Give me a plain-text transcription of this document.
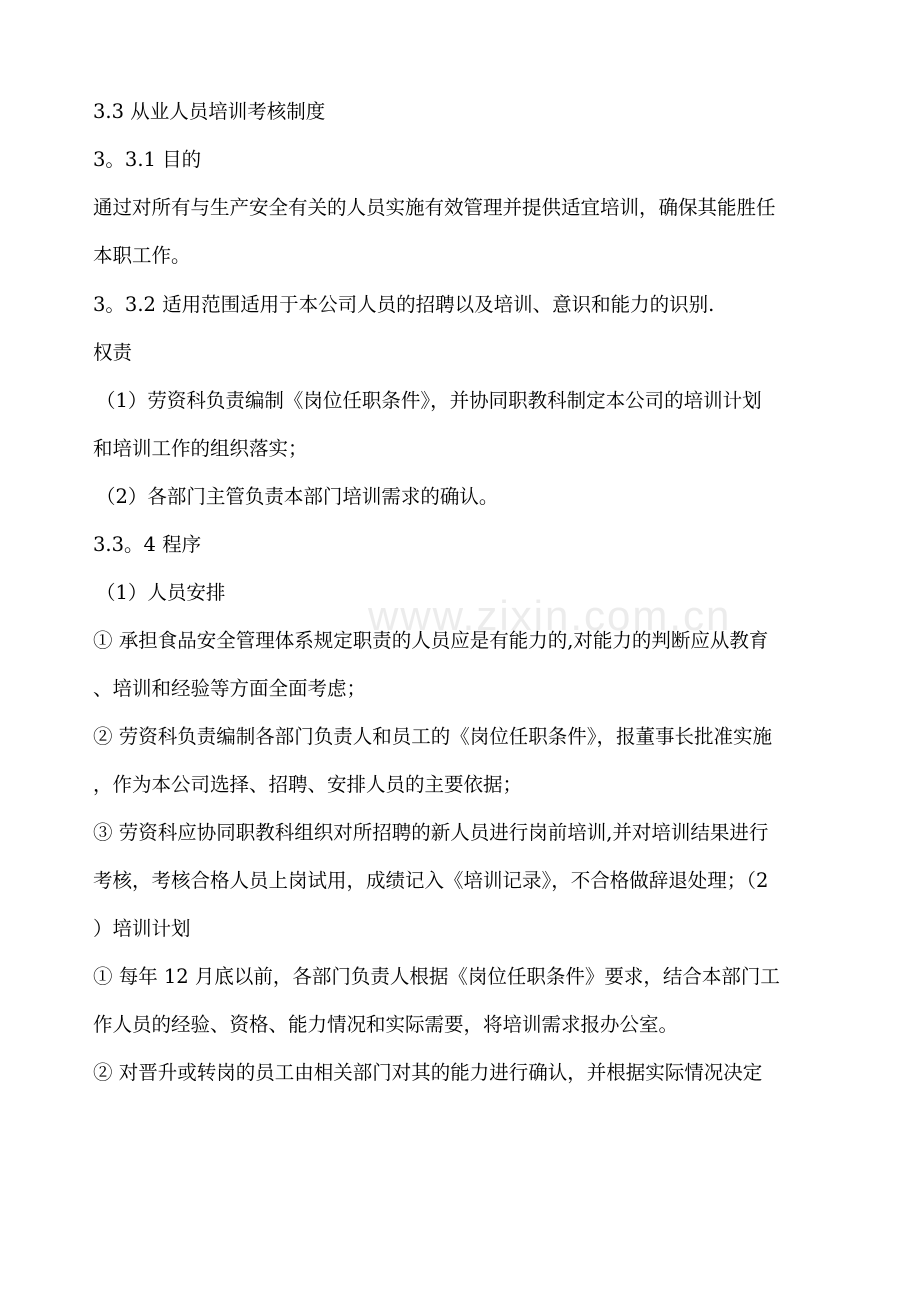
www.zixin.com.cn
3.3 从业人员培训考核制度
3。3.1 目的
通过对所有与生产安全有关的人员实施有效管理并提供适宜培训，确保其能胜任
本职工作。
3。3.2 适用范围适用于本公司人员的招聘以及培训、意识和能力的识别.
权责
（1）劳资科负责编制《岗位任职条件》，并协同职教科制定本公司的培训计划
和培训工作的组织落实；
（2）各部门主管负责本部门培训需求的确认。
3.3。4 程序
（1）人员安排
① 承担食品安全管理体系规定职责的人员应是有能力的,对能力的判断应从教育
、培训和经验等方面全面考虑；
② 劳资科负责编制各部门负责人和员工的《岗位任职条件》，报董事长批准实施
，作为本公司选择、招聘、安排人员的主要依据；
③ 劳资科应协同职教科组织对所招聘的新人员进行岗前培训,并对培训结果进行
考核，考核合格人员上岗试用，成绩记入《培训记录》，不合格做辞退处理；（2
）培训计划
① 每年 12 月底以前，各部门负责人根据《岗位任职条件》要求，结合本部门工
作人员的经验、资格、能力情况和实际需要，将培训需求报办公室。
② 对晋升或转岗的员工由相关部门对其的能力进行确认，并根据实际情况决定
